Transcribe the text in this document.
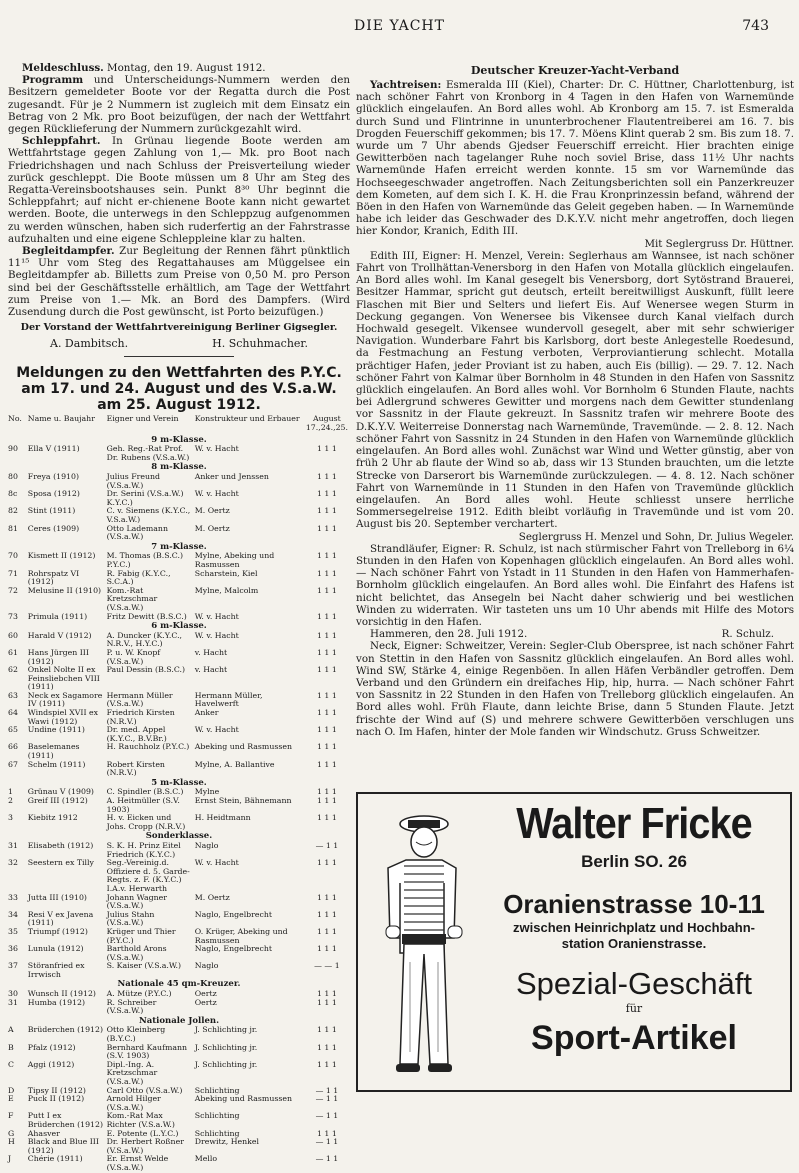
DIE YACHT	743

Meldeschluss. Montag, den 19. August 1912.

Programm und Unterscheidungs-Nummern werden den Besitzern gemeldeter Boote vor der Regatta durch die Post zugesandt. Für je 2 Nummern ist zugleich mit dem Einsatz ein Betrag von 2 Mk. pro Boot beizufügen, der nach der Wettfahrt gegen Rücklieferung der Nummern zurückgezahlt wird.

Schleppfahrt. In Grünau liegende Boote werden am Wettfahrtstage gegen Zahlung von 1,— Mk. pro Boot nach Friedrichshagen und nach Schluss der Preisverteilung wieder zurück geschleppt. Die Boote müssen um 8 Uhr am Steg des Regatta-Vereinsbootshauses sein. Punkt 8³⁰ Uhr beginnt die Schleppfahrt; auf nicht er-chienene Boote kann nicht gewartet werden. Boote, die unterwegs in den Schleppzug aufgenommen zu werden wünschen, haben sich ruderfertig an der Fahrstrasse aufzuhalten und eine eigene Schleppleine klar zu halten.

Begleitdampfer. Zur Begleitung der Rennen fährt pünktlich 11¹⁵ Uhr vom Steg des Regattahauses am Müggelsee ein Begleitdampfer ab. Billetts zum Preise von 0,50 M. pro Person sind bei der Geschäftsstelle erhältlich, am Tage der Wettfahrt zum Preise von 1.— Mk. an Bord des Dampfers. (Wird Zusendung durch die Post gewünscht, ist Porto beizufügen.)

Der Vorstand der Wettfahrtvereinigung Berliner Gigsegler.

A. Dambitsch.	H. Schuhmacher.
Meldungen zu den Wettfahrten des P.Y.C. am 17. und 24. August und des V.S.a.W. am 25. August 1912.
No.	Name u. Baujahr	Eigner und Verein	Konstrukteur und Erbauer	August 17.,24.,25.
9 m-Klasse.				
90	Ella V (1911)	Geh. Reg.-Rat Prof. Dr. Rubens (V.S.a.W.)	W. v. Hacht	1 1 1
8 m-Klasse.				
80	Freya (1910)	Julius Freund (V.S.a.W.)	Anker und Jenssen	1 1 1
8c	Sposa (1912)	Dr. Serini (V.S.a.W.) K.Y.C.)	W. v. Hacht	1 1 1
82	Stint (1911)	C. v. Siemens (K.Y.C., V.S.a.W.)	M. Oertz	1 1 1
81	Ceres (1909)	Otto Lademann (V.S.a.W.)	M. Oertz	1 1 1
7 m-Klasse.				
70	Kismett II (1912)	M. Thomas (B.S.C.) P.Y.C.)	Mylne, Abeking und Rasmussen	1 1 1
71	Rohrspatz VI (1912)	R. Fabig (K.Y.C., S.C.A.)	Scharstein, Kiel	1 1 1
72	Melusine II (1910)	Kom.-Rat Kretzschmar (V.S.a.W.)	Mylne, Malcolm	1 1 1
73	Primula (1911)	Fritz Dewitt (B.S.C.)	W. v. Hacht	1 1 1
6 m-Klasse.				
60	Harald V (1912)	A. Duncker (K.Y.C., N.R.V., H.Y.C.)	W. v. Hacht	1 1 1
61	Hans Jürgen III (1912)	P. u. W. Knopf (V.S.a.W.)	v. Hacht	1 1 1
62	Onkel Nolte II ex Feinsliebchen VIII (1911)	Paul Dessin (B.S.C.)	v. Hacht	1 1 1
63	Neck ex Sagamore IV (1911)	Hermann Müller (V.S.a.W.)	Hermann Müller, Havelwerft	1 1 1
64	Windspiel XVII ex Wawi (1912)	Friedrich Kirsten (N.R.V.)	Anker	1 1 1
65	Undine (1911)	Dr. med. Appel (K.Y.C., B.V.Br.)	W. v. Hacht	1 1 1
66	Baselemanes (1911)	H. Rauchholz (P.Y.C.)	Abeking und Rasmussen	1 1 1
67	Schelm (1911)	Robert Kirsten (N.R.V.)	Mylne, A. Ballantive	1 1 1
5 m-Klasse.				
1	Grünau V (1909)	C. Spindler (B.S.C.)	Mylne	1 1 1
2	Greif III (1912)	A. Heitmüller (S.V. 1903)	Ernst Stein, Bähnemann	1 1 1
3	Kiebitz 1912	H. v. Eicken und Johs. Cropp (N.R.V.)	H. Heidtmann	1 1 1
Sonderklasse.				
31	Elisabeth (1912)	S. K. H. Prinz Eitel Friedrich (K.Y.C.)	Naglo	— 1 1
32	Seestern ex Tilly	Seg.-Vereinig.d. Offiziere d. 5. Garde-Regts. z. F. (K.Y.C.) I.A.v. Herwarth	W. v. Hacht	1 1 1
33	Jutta III (1910)	Johann Wagner (V.S.a.W.)	M. Oertz	1 1 1
34	Resi V ex Javena (1911)	Julius Stahn (V.S.a.W.)	Naglo, Engelbrecht	1 1 1
35	Triumpf (1912)	Krüger und Thier (P.Y.C.)	O. Krüger, Abeking und Rasmussen	1 1 1
36	Lunula (1912)	Barthold Arons (V.S.a.W.)	Naglo, Engelbrecht	1 1 1
37	Störanfried ex Irrwisch	S. Kaiser (V.S.a.W.)	Naglo	— — 1
Nationale 45 qm-Kreuzer.				
30	Wunsch II (1912)	A. Mütze (P.Y.C.)	Oertz	1 1 1
31	Humba (1912)	R. Schreiber (V.S.a.W.)	Oertz	1 1 1
Nationale Jollen.				
A	Brüderchen (1912)	Otto Kleinberg (B.Y.C.)	J. Schlichting jr.	1 1 1
B	Pfalz (1912)	Bernhard Kaufmann (S.V. 1903)	J. Schlichting jr.	1 1 1
C	Aggi (1912)	Dipl.-Ing. A. Kretzschmar (V.S.a.W.)	J. Schlichting jr.	1 1 1
D	Tipsy II (1912)	Carl Otto (V.S.a.W.)	Schlichting	— 1 1
E	Puck II (1912)	Arnold Hilger (V.S.a.W.)	Abeking und Rasmussen	— 1 1
F	Putt I ex Brüderchen (1912)	Kom.-Rat Max Richter (V.S.a.W.)	Schlichting	— 1 1
G	Ahasver	E. Potente (L.Y.C.)	Schlichting	1 1 1
H	Black and Blue III (1912)	Dr. Herbert Roßner (V.S.a.W.)	Drewitz, Henkel	— 1 1
J	Chérie (1911)	Er. Ernst Welde (V.S.a.W.)	Mello	— 1 1
Deutscher Kreuzer-Yacht-Verband

Yachtreisen: Esmeralda III (Kiel), Charter: Dr. C. Hüttner, Charlottenburg, ist nach schöner Fahrt von Kronborg in 4 Tagen in den Hafen von Warnemünde glücklich eingelaufen. An Bord alles wohl. Ab Kronborg am 15. 7. ist Esmeralda durch Sund und Flintrinne in ununterbrochener Flautentreiberei am 16. 7. bis Drogden Feuerschiff gekommen; bis 17. 7. Möens Klint querab 2 sm. Bis zum 18. 7. wurde um 7 Uhr abends Gjedser Feuerschiff erreicht. Hier brachten einige Gewitterböen nach tagelanger Ruhe noch soviel Brise, dass 11½ Uhr nachts Warnemünde Hafen erreicht werden konnte. 15 sm vor Warnemünde das Hochseegeschwader angetroffen. Nach Zeitungsberichten soll ein Panzerkreuzer dem Kometen, auf dem sich I. K. H. die Frau Kronprinzessin befand, während der Böen in den Hafen von Warnemünde das Geleit gegeben haben. — In Warnemünde habe ich leider das Geschwader des D.K.Y.V. nicht mehr angetroffen, doch liegen hier Kondor, Kranich, Edith III.

Mit Seglergruss Dr. Hüttner.

Edith III, Eigner: H. Menzel, Verein: Seglerhaus am Wannsee, ist nach schöner Fahrt von Trollhättan-Venersborg in den Hafen von Motalla glücklich eingelaufen. An Bord alles wohl. Im Kanal gesegelt bis Venersborg, dort Sytöstrand Brauerei, Besitzer Hammar, spricht gut deutsch, erteilt bereitwilligst Auskunft, füllt leere Flaschen mit Bier und Selters und liefert Eis. Auf Wenersee wegen Sturm in Deckung gegangen. Von Wenersee bis Vikensee durch Kanal vielfach durch Hochwald gesegelt. Vikensee wundervoll gesegelt, aber mit sehr schwieriger Navigation. Wunderbare Fahrt bis Karlsborg, dort beste Anlegestelle Roedesund, da Festmachung an Festung verboten, Verproviantierung schlecht. Motalla prächtiger Hafen, jeder Proviant ist zu haben, auch Eis (billig). — 29. 7. 12. Nach schöner Fahrt von Kalmar über Bornholm in 48 Stunden in den Hafen von Sassnitz glücklich eingelaufen. An Bord alles wohl. Vor Bornholm 6 Stunden Flaute, nachts bei Adlergrund schweres Gewitter und morgens nach dem Gewitter stundenlang vor Sassnitz in der Flaute gekreuzt. In Sassnitz trafen wir mehrere Boote des D.K.Y.V. Weiterreise Donnerstag nach Warnemünde, Travemünde. — 2. 8. 12. Nach schöner Fahrt von Sassnitz in 24 Stunden in den Hafen von Warnemünde glücklich eingelaufen. An Bord alles wohl. Zunächst war Wind und Wetter günstig, aber von früh 2 Uhr ab flaute der Wind so ab, dass wir 13 Stunden brauchten, um die letzte Strecke von Darserort bis Warnemünde zurückzulegen. — 4. 8. 12. Nach schöner Fahrt von Warnemünde in 11 Stunden in den Hafen von Travemünde glücklich eingelaufen. An Bord alles wohl. Heute schliesst unsere herrliche Sommersegelreise 1912. Edith bleibt vorläufig in Travemünde und ist vom 20. August bis 20. September verchartert.

Seglergruss H. Menzel und Sohn, Dr. Julius Wegeler.

Strandläufer, Eigner: R. Schulz, ist nach stürmischer Fahrt von Trelleborg in 6¼ Stunden in den Hafen von Kopenhagen glücklich eingelaufen. An Bord alles wohl. — Nach schöner Fahrt von Ystadt in 11 Stunden in den Hafen von Hammerhafen-Bornholm glücklich eingelaufen. An Bord alles wohl. Die Einfahrt des Hafens ist nicht belichtet, das Ansegeln bei Nacht daher schwierig und bei westlichen Winden zu widerraten. Wir tasteten uns um 10 Uhr abends mit Hilfe des Motors vorsichtig in den Hafen.

Hammeren, den 28. Juli 1912.	R. Schulz.

Neck, Eigner: Schweitzer, Verein: Segler-Club Oberspree, ist nach schöner Fahrt von Stettin in den Hafen von Sassnitz glücklich eingelaufen. An Bord alles wohl. Wind SW, Stärke 4, einige Regenböen. In allen Häfen Verbändler getroffen. Dem Verband und den Gründern ein dreifaches Hip, hip, hurra. — Nach schöner Fahrt von Sassnitz in 22 Stunden in den Hafen von Trelleborg glücklich eingelaufen. An Bord alles wohl. Früh Flaute, dann leichte Brise, dann 5 Stunden Flaute. Jetzt frischte der Wind auf (S) und mehrere schwere Gewitterböen verschlugen uns nach O. Im Hafen, hinter der Mole fanden wir Windschutz. Gruss Schweitzer.

Walter Fricke
Berlin SO. 26
Oranienstrasse 10-11
zwischen Heinrichplatz und Hochbahn-
station Oranienstrasse.
Spezial-Geschäft
für
Sport-Artikel
